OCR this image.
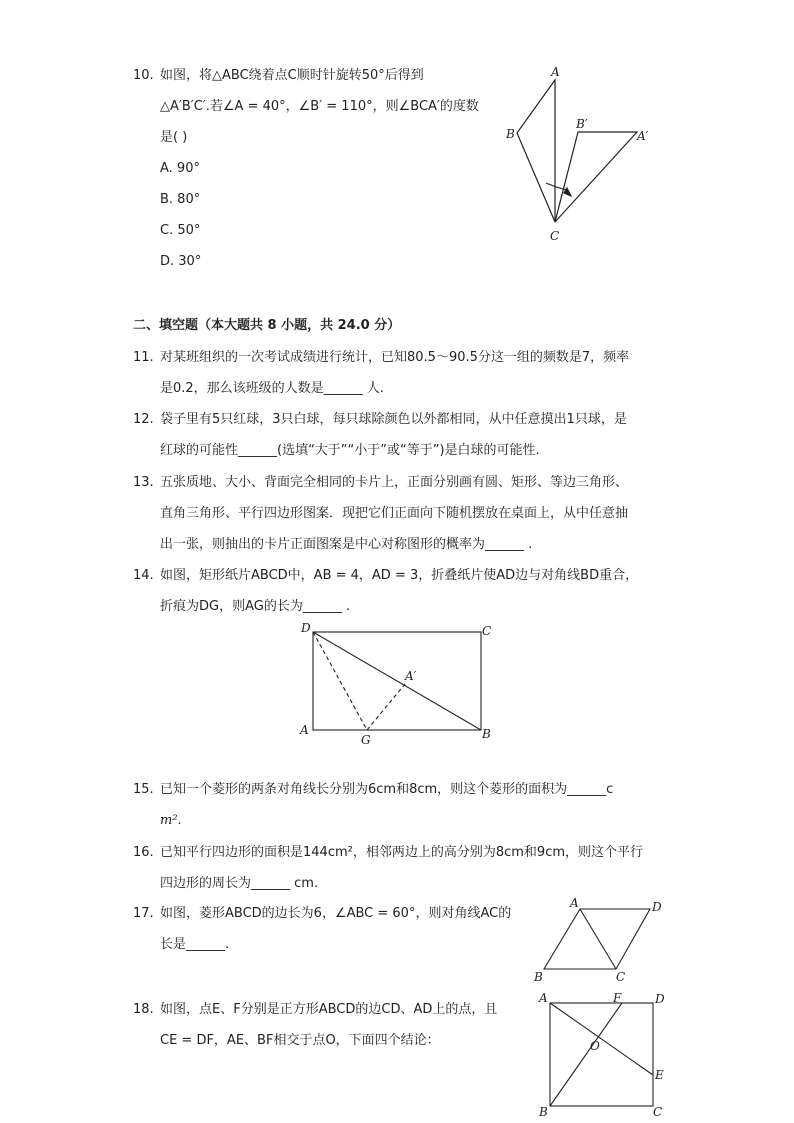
10. 如图，将△ABC绕着点C顺时针旋转50°后得到
△A′B′C′.若∠A = 40°，∠B′ = 110°，则∠BCA′的度数
是( )
A. 90°
B. 80°
C. 50°
D. 30°
A
B
C
B′
A′
二、填空题（本大题共 8 小题，共 24.0 分）
11. 对某班组织的一次考试成绩进行统计，已知80.5～90.5分这一组的频数是7，频率
是0.2，那么该班级的人数是______ 人.
12. 袋子里有5只红球，3只白球，每只球除颜色以外都相同，从中任意摸出1只球，是
红球的可能性______(选填“大于”“小于”或“等于”)是白球的可能性.
13. 五张质地、大小、背面完全相同的卡片上，正面分别画有圆、矩形、等边三角形、
直角三角形、平行四边形图案．现把它们正面向下随机摆放在桌面上，从中任意抽
出一张，则抽出的卡片正面图案是中心对称图形的概率为______ .
14. 如图，矩形纸片ABCD中，AB = 4，AD = 3，折叠纸片使AD边与对角线BD重合，
折痕为DG，则AG的长为______ .
D	C
A	B
G
A′
15. 已知一个菱形的两条对角线长分别为6cm和8cm，则这个菱形的面积为______c
m².
16. 已知平行四边形的面积是144cm²，相邻两边上的高分别为8cm和9cm，则这个平行
四边形的周长为______ cm.
17. 如图，菱形ABCD的边长为6，∠ABC = 60°，则对角线AC的
长是______.
A	D
B	C
18. 如图，点E、F分别是正方形ABCD的边CD、AD上的点，且
CE = DF，AE、BF相交于点O，下面四个结论：
A	F	D
O
E
B	C
